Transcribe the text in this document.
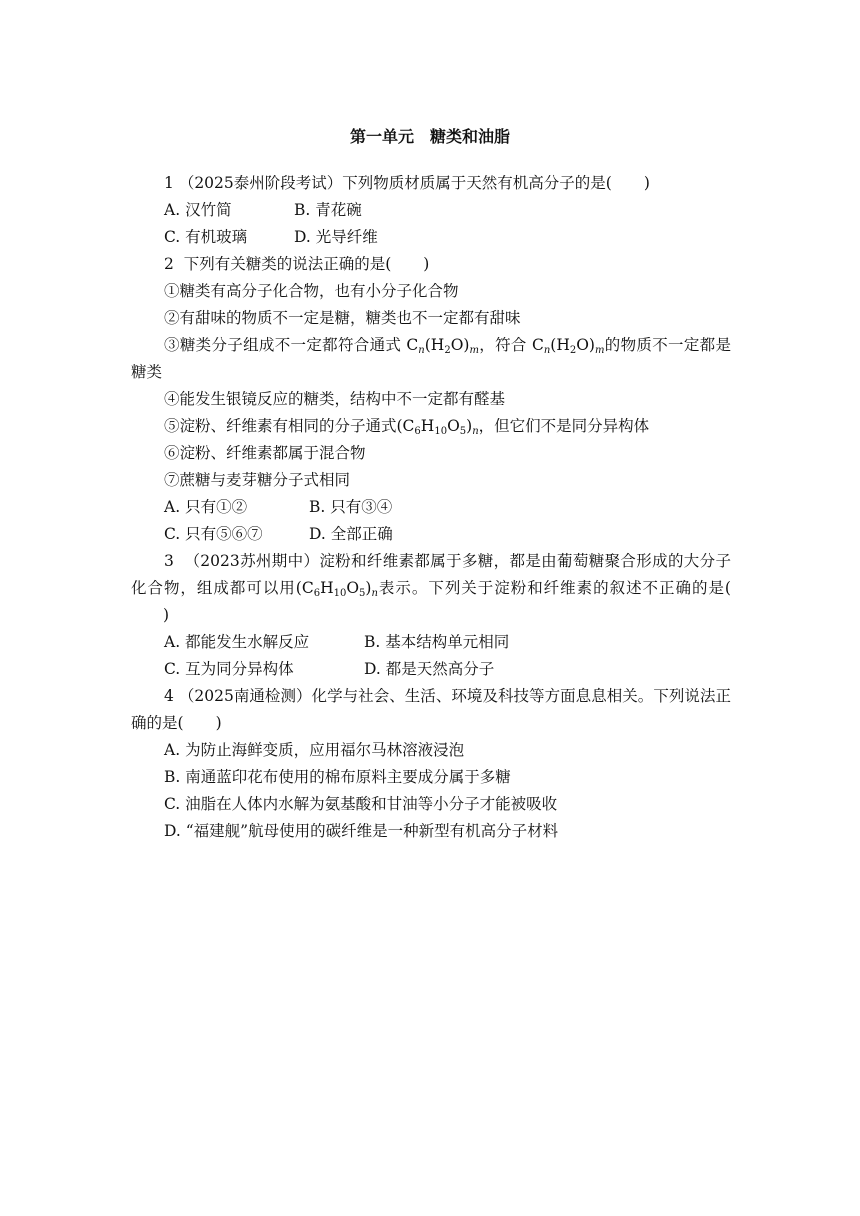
第一单元　糖类和油脂
1 （2025泰州阶段考试）下列物质材质属于天然有机高分子的是( )
A. 汉竹简	B. 青花碗
C. 有机玻璃	D. 光导纤维
2 下列有关糖类的说法正确的是( )
①糖类有高分子化合物，也有小分子化合物
②有甜味的物质不一定是糖，糖类也不一定都有甜味
③糖类分子组成不一定都符合通式 $C_n(H_2O)_m$，符合 $C_n(H_2O)_m$的物质不一定都是糖类
④能发生银镜反应的糖类，结构中不一定都有醛基
⑤淀粉、纤维素有相同的分子通式$(C_6H_{10}O_5)_n$，但它们不是同分异构体
⑥淀粉、纤维素都属于混合物
⑦蔗糖与麦芽糖分子式相同
A. 只有①②	B. 只有③④
C. 只有⑤⑥⑦	D. 全部正确
3 （2023苏州期中）淀粉和纤维素都属于多糖，都是由葡萄糖聚合形成的大分子化合物，组成都可以用$(C_6H_{10}O_5)_n$表示。下列关于淀粉和纤维素的叙述不正确的是()
A. 都能发生水解反应	B. 基本结构单元相同
C. 互为同分异构体	D. 都是天然高分子
4 （2025南通检测）化学与社会、生活、环境及科技等方面息息相关。下列说法正确的是( )
A. 为防止海鲜变质，应用福尔马林溶液浸泡
B. 南通蓝印花布使用的棉布原料主要成分属于多糖
C. 油脂在人体内水解为氨基酸和甘油等小分子才能被吸收
D. “福建舰”航母使用的碳纤维是一种新型有机高分子材料
